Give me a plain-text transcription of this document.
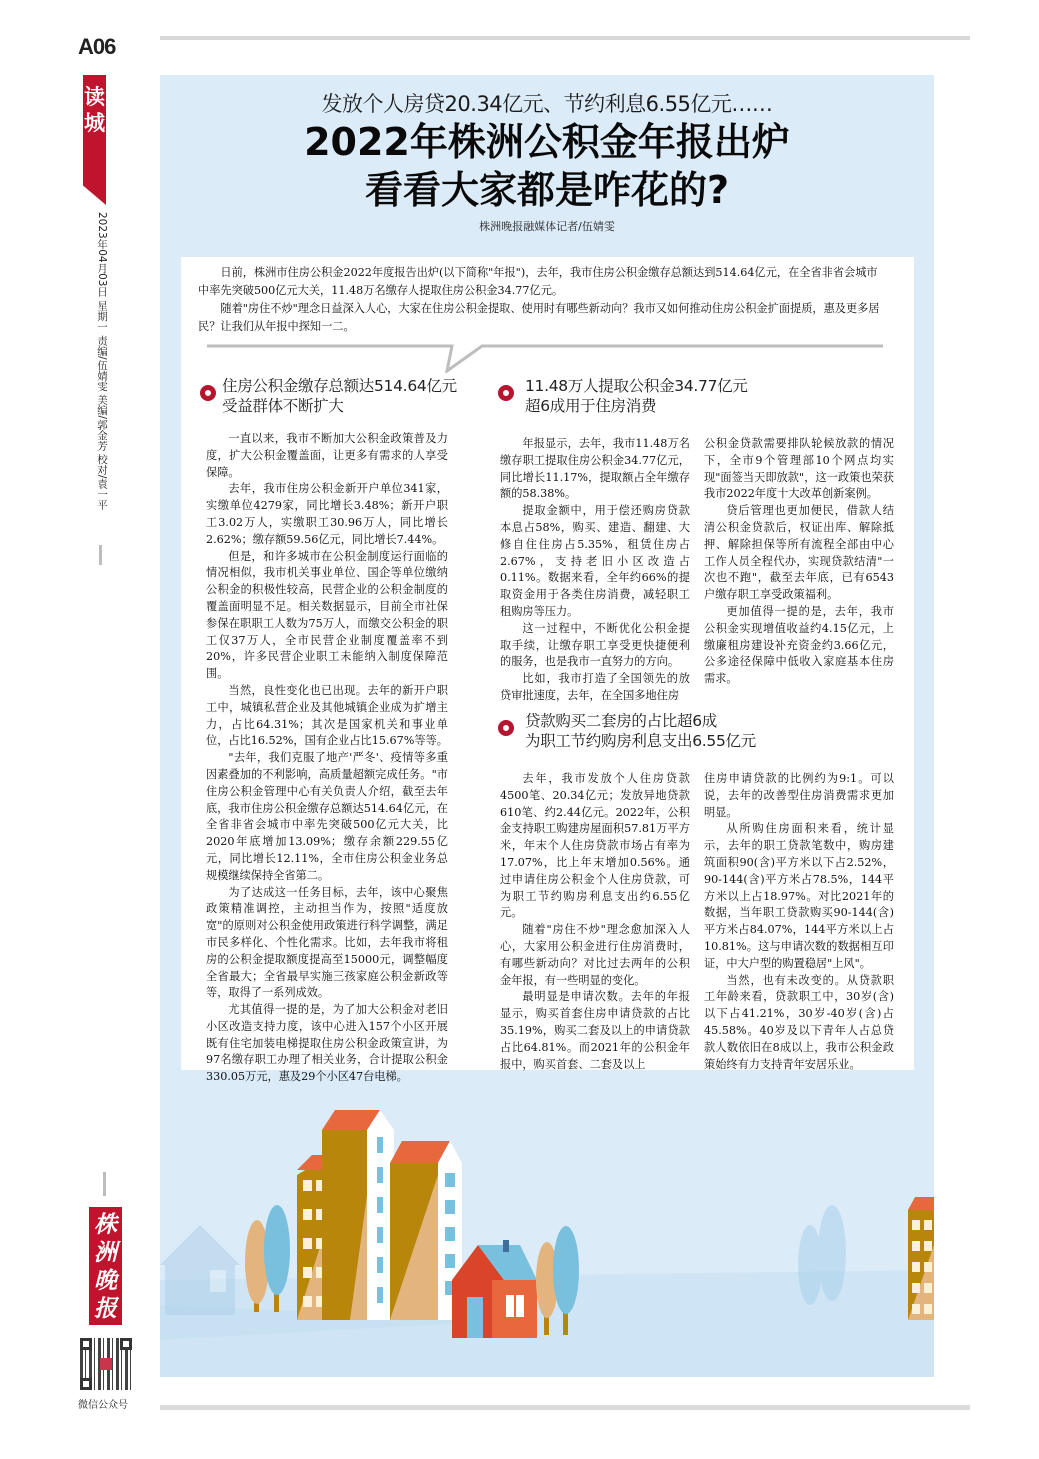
A06
读城
2023年04月03日 星期一 责编/伍婧雯 美编/郭金芳 校对/袁一平
株洲晚报
微信公众号
发放个人房贷20.34亿元、节约利息6.55亿元……
2022年株洲公积金年报出炉
看看大家都是咋花的?
株洲晚报融媒体记者/伍婧雯

日前，株洲市住房公积金2022年度报告出炉(以下简称"年报")，去年，我市住房公积金缴存总额达到514.64亿元，在全省非省会城市中率先突破500亿元大关，11.48万名缴存人提取住房公积金34.77亿元。

随着"房住不炒"理念日益深入人心，大家在住房公积金提取、使用时有哪些新动向？我市又如何推动住房公积金扩面提质，惠及更多居民？让我们从年报中探知一二。

住房公积金缴存总额达514.64亿元
受益群体不断扩大

一直以来，我市不断加大公积金政策普及力度，扩大公积金覆盖面，让更多有需求的人享受保障。

去年，我市住房公积金新开户单位341家，实缴单位4279家，同比增长3.48%；新开户职工3.02万人，实缴职工30.96万人，同比增长2.62%；缴存额59.56亿元，同比增长7.44%。

但是，和许多城市在公积金制度运行面临的情况相似，我市机关事业单位、国企等单位缴纳公积金的积极性较高，民营企业的公积金制度的覆盖面明显不足。相关数据显示，目前全市社保参保在职职工人数为75万人，而缴交公积金的职工仅37万人，全市民营企业制度覆盖率不到20%，许多民营企业职工未能纳入制度保障范围。

当然，良性变化也已出现。去年的新开户职工中，城镇私营企业及其他城镇企业成为扩增主力，占比64.31%；其次是国家机关和事业单位，占比16.52%，国有企业占比15.67%等等。

"去年，我们克服了地产'严冬'、疫情等多重因素叠加的不利影响，高质量超额完成任务。"市住房公积金管理中心有关负责人介绍，截至去年底，我市住房公积金缴存总额达514.64亿元，在全省非省会城市中率先突破500亿元大关，比2020年底增加13.09%；缴存余额229.55亿元，同比增长12.11%，全市住房公积金业务总规模继续保持全省第二。

为了达成这一任务目标，去年，该中心聚焦政策精准调控，主动担当作为，按照"适度放宽"的原则对公积金使用政策进行科学调整，满足市民多样化、个性化需求。比如，去年我市将租房的公积金提取额度提高至15000元，调整幅度全省最大；全省最早实施三孩家庭公积金新政等等，取得了一系列成效。

尤其值得一提的是，为了加大公积金对老旧小区改造支持力度，该中心进入157个小区开展既有住宅加装电梯提取住房公积金政策宣讲，为97名缴存职工办理了相关业务，合计提取公积金330.05万元，惠及29个小区47台电梯。

11.48万人提取公积金34.77亿元
超6成用于住房消费

年报显示，去年，我市11.48万名缴存职工提取住房公积金34.77亿元，同比增长11.17%，提取额占全年缴存额的58.38%。

提取金额中，用于偿还购房贷款本息占58%，购买、建造、翻建、大修自住住房占5.35%，租赁住房占2.67%，支持老旧小区改造占0.11%。数据来看，全年约66%的提取资金用于各类住房消费，减轻职工租购房等压力。

这一过程中，不断优化公积金提取手续，让缴存职工享受更快捷便利的服务，也是我市一直努力的方向。

比如，我市打造了全国领先的放贷审批速度，去年，在全国多地住房

公积金贷款需要排队轮候放款的情况下，全市9个管理部10个网点均实现"面签当天即放款"，这一政策也荣获我市2022年度十大改革创新案例。

贷后管理也更加便民，借款人结清公积金贷款后，权证出库、解除抵押、解除担保等所有流程全部由中心工作人员全程代办，实现贷款结清"一次也不跑"，截至去年底，已有6543户缴存职工享受政策福利。

更加值得一提的是，去年，我市公积金实现增值收益约4.15亿元，上缴廉租房建设补充资金约3.66亿元，公多途径保障中低收入家庭基本住房需求。

贷款购买二套房的占比超6成
为职工节约购房利息支出6.55亿元

去年，我市发放个人住房贷款4500笔、20.34亿元；发放异地贷款610笔、约2.44亿元。2022年，公积金支持职工购建房屋面积57.81万平方米，年末个人住房贷款市场占有率为17.07%，比上年末增加0.56%。通过申请住房公积金个人住房贷款，可为职工节约购房利息支出约6.55亿元。

随着"房住不炒"理念愈加深入人心，大家用公积金进行住房消费时，有哪些新动向？对比过去两年的公积金年报，有一些明显的变化。

最明显是申请次数。去年的年报显示，购买首套住房申请贷款的占比35.19%，购买二套及以上的申请贷款占比64.81%。而2021年的公积金年报中，购买首套、二套及以上

住房申请贷款的比例约为9:1。可以说，去年的改善型住房消费需求更加明显。

从所购住房面积来看，统计显示，去年的职工贷款笔数中，购房建筑面积90(含)平方米以下占2.52%，90-144(含)平方米占78.5%，144平方米以上占18.97%。对比2021年的数据，当年职工贷款购买90-144(含)平方米占84.07%，144平方米以上占10.81%。这与申请次数的数据相互印证，中大户型的购置稳居"上风"。

当然，也有未改变的。从贷款职工年龄来看，贷款职工中，30岁(含)以下占41.21%，30岁-40岁(含)占45.58%。40岁及以下青年人占总贷款人数依旧在8成以上，我市公积金政策始终有力支持青年安居乐业。
